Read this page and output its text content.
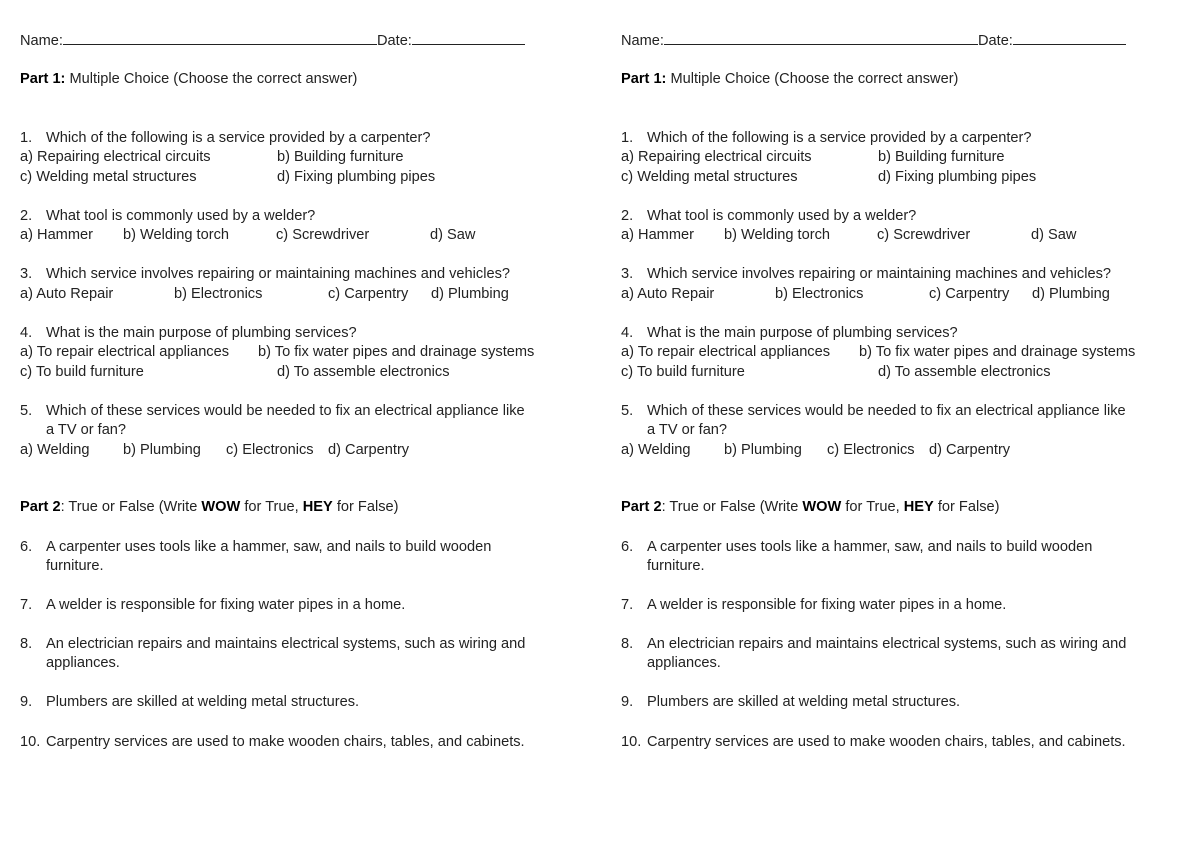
Name:	Date:
Part 1: Multiple Choice (Choose the correct answer)
1. Which of the following is a service provided by a carpenter?
a) Repairing electrical circuits	b) Building furniture
c) Welding metal structures	d) Fixing plumbing pipes
2. What tool is commonly used by a welder?
a) Hammer b) Welding torch	c) Screwdriver	d) Saw
3. Which service involves repairing or maintaining machines and vehicles?
a) Auto Repair	b) Electronics	c) Carpentry d) Plumbing
4. What is the main purpose of plumbing services?
a) To repair electrical appliances b) To fix water pipes and drainage systems
c) To build furniture	d) To assemble electronics
5. Which of these services would be needed to fix an electrical appliance like
a TV or fan?
a) Welding b) Plumbing c) Electronics d) Carpentry
Part 2: True or False (Write WOW for True, HEY for False)
6. A carpenter uses tools like a hammer, saw, and nails to build wooden
furniture.
7. A welder is responsible for fixing water pipes in a home.
8. An electrician repairs and maintains electrical systems, such as wiring and
appliances.
9. Plumbers are skilled at welding metal structures.
10. Carpentry services are used to make wooden chairs, tables, and cabinets.
Name:	Date:
Part 1: Multiple Choice (Choose the correct answer)
1. Which of the following is a service provided by a carpenter?
a) Repairing electrical circuits	b) Building furniture
c) Welding metal structures	d) Fixing plumbing pipes
2. What tool is commonly used by a welder?
a) Hammer b) Welding torch	c) Screwdriver	d) Saw
3. Which service involves repairing or maintaining machines and vehicles?
a) Auto Repair	b) Electronics	c) Carpentry d) Plumbing
4. What is the main purpose of plumbing services?
a) To repair electrical appliances b) To fix water pipes and drainage systems
c) To build furniture	d) To assemble electronics
5. Which of these services would be needed to fix an electrical appliance like
a TV or fan?
a) Welding b) Plumbing c) Electronics d) Carpentry
Part 2: True or False (Write WOW for True, HEY for False)
6. A carpenter uses tools like a hammer, saw, and nails to build wooden
furniture.
7. A welder is responsible for fixing water pipes in a home.
8. An electrician repairs and maintains electrical systems, such as wiring and
appliances.
9. Plumbers are skilled at welding metal structures.
10. Carpentry services are used to make wooden chairs, tables, and cabinets.
